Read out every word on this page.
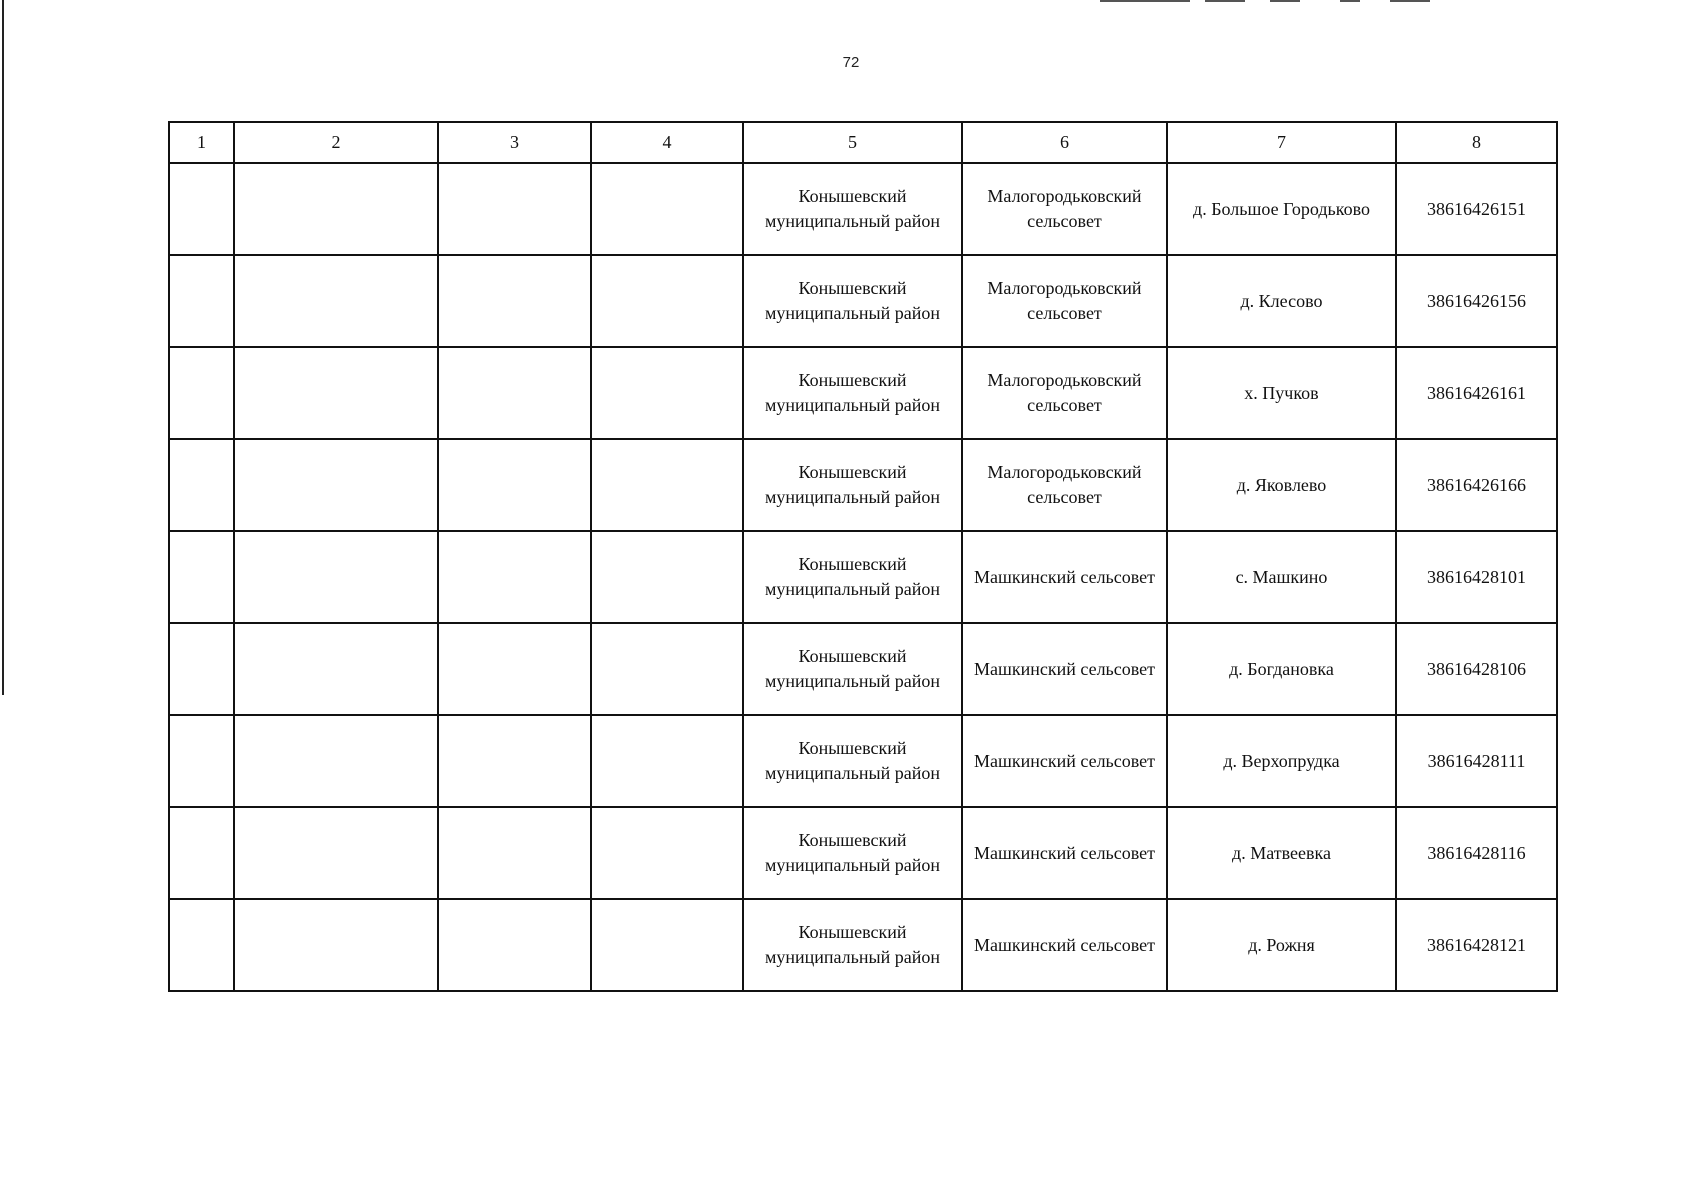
72
1	2	3	4	5	6	7	8

				Конышевский
муниципальный район	Малогородьковский
сельсовет	д. Большое Городьково	38616426151

				Конышевский
муниципальный район	Малогородьковский
сельсовет	д. Клесово	38616426156

				Конышевский
муниципальный район	Малогородьковский
сельсовет	х. Пучков	38616426161

				Конышевский
муниципальный район	Малогородьковский
сельсовет	д. Яковлево	38616426166

				Конышевский
муниципальный район	Машкинский сельсовет	с. Машкино	38616428101

				Конышевский
муниципальный район	Машкинский сельсовет	д. Богдановка	38616428106

				Конышевский
муниципальный район	Машкинский сельсовет	д. Верхопрудка	38616428111

				Конышевский
муниципальный район	Машкинский сельсовет	д. Матвеевка	38616428116

				Конышевский
муниципальный район	Машкинский сельсовет	д. Рожня	38616428121
